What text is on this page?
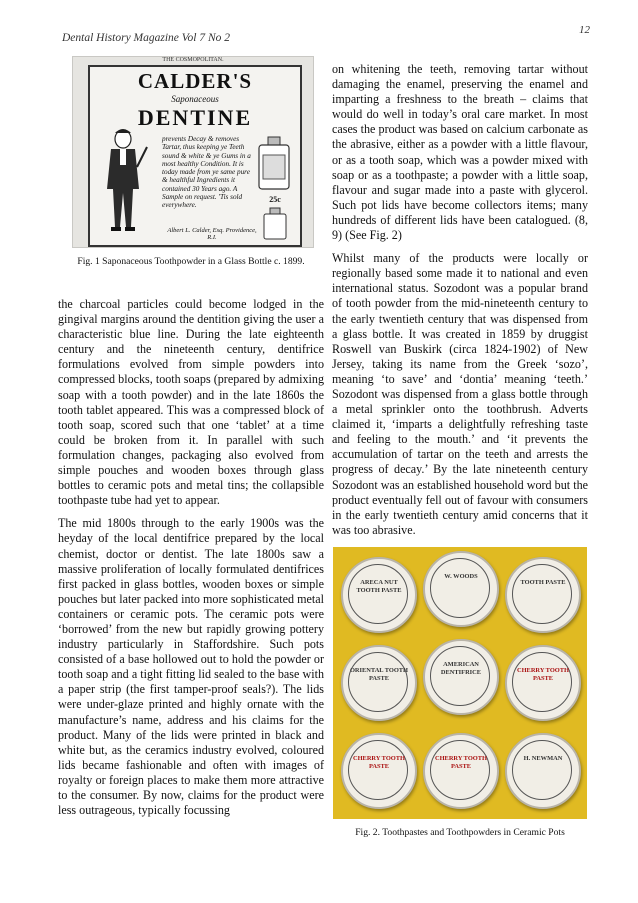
Dental History Magazine Vol 7 No 2
12
THE COSMOPOLITAN.
CALDER'S
Saponaceous
DENTINE
prevents Decay & removes Tartar, thus keeping ye Teeth sound & white & ye Gums in a most healthy Condition. It is today made from ye same pure & healthful Ingredients it contained 30 Years ago. A Sample on request. 'Tis sold everywhere.
25c
Albert L. Calder, Esq. Providence, R.I.
Fig. 1 Saponaceous Toothpowder in a Glass Bottle c. 1899.

the charcoal particles could become lodged in the gingival margins around the dentition giving the user a characteristic blue line. During the late eighteenth century and the nineteenth century, dentifrice formulations evolved from simple powders into compressed blocks, tooth soaps (prepared by admixing soap with a tooth powder) and in the late 1860s the tooth tablet appeared. This was a compressed block of tooth soap, scored such that one ‘tablet’ at a time could be broken from it. In parallel with such formulation changes, packaging also evolved from simple pouches and wooden boxes through glass bottles to ceramic pots and metal tins; the collapsible toothpaste tube had yet to appear.

The mid 1800s through to the early 1900s was the heyday of the local dentifrice prepared by the local chemist, doctor or dentist. The late 1800s saw a massive proliferation of locally formulated dentifrices first packed in glass bottles, wooden boxes or simple pouches but later packed into more sophisticated metal containers or ceramic pots. The ceramic pots were ‘borrowed’ from the new but rapidly growing pottery industry particularly in Staffordshire. Such pots consisted of a base hollowed out to hold the powder or tooth soap and a tight fitting lid sealed to the base with a paper strip (the first tamper-proof seals?). The lids were under-glaze printed and highly ornate with the manufacture’s name, address and his claims for the product. Many of the lids were printed in black and white but, as the ceramics industry evolved, coloured lids became fashionable and often with images of royalty or foreign places to make them more attractive to the consumer. By now, claims for the product were less outrageous, typically focussing

on whitening the teeth, removing tartar without damaging the enamel, preserving the enamel and imparting a freshness to the breath – claims that would do well in today’s oral care market. In most cases the product was based on calcium carbonate as the abrasive, either as a powder with a little flavour, or as a tooth soap, which was a powder mixed with soap or as a toothpaste; a powder with a little soap, flavour and sugar made into a paste with glycerol. Such pot lids have become collectors items; many hundreds of different lids have been catalogued. (8, 9) (See Fig. 2)

Whilst many of the products were locally or regionally based some made it to national and even international status. Sozodont was a popular brand of tooth powder from the mid-nineteenth century to the early twentieth century that was dispensed from a glass bottle. It was created in 1859 by druggist Roswell van Buskirk (circa 1824-1902) of New Jersey, taking its name from the Greek ‘sozo’, meaning ‘to save’ and ‘dontia’ meaning ‘teeth.’ Sozodont was dispensed from a glass bottle through a metal sprinkler onto the toothbrush. Adverts claimed it, ‘imparts a delightfully refreshing taste and feeling to the mouth.’ and ‘it prevents the accumulation of tartar on the teeth and arrests the progress of decay.’ By the late nineteenth century Sozodont was an established household word but the product eventually fell out of favour with consumers in the early twentieth century amid concerns that it was too abrasive.

ARECA NUT TOOTH PASTE
W. WOODS
TOOTH PASTE
ORIENTAL TOOTH PASTE
AMERICAN DENTIFRICE	CHERRY TOOTH PASTE
CHERRY TOOTH PASTE
CHERRY TOOTH PASTE
H. NEWMAN
Fig. 2. Toothpastes and Toothpowders in Ceramic Pots
